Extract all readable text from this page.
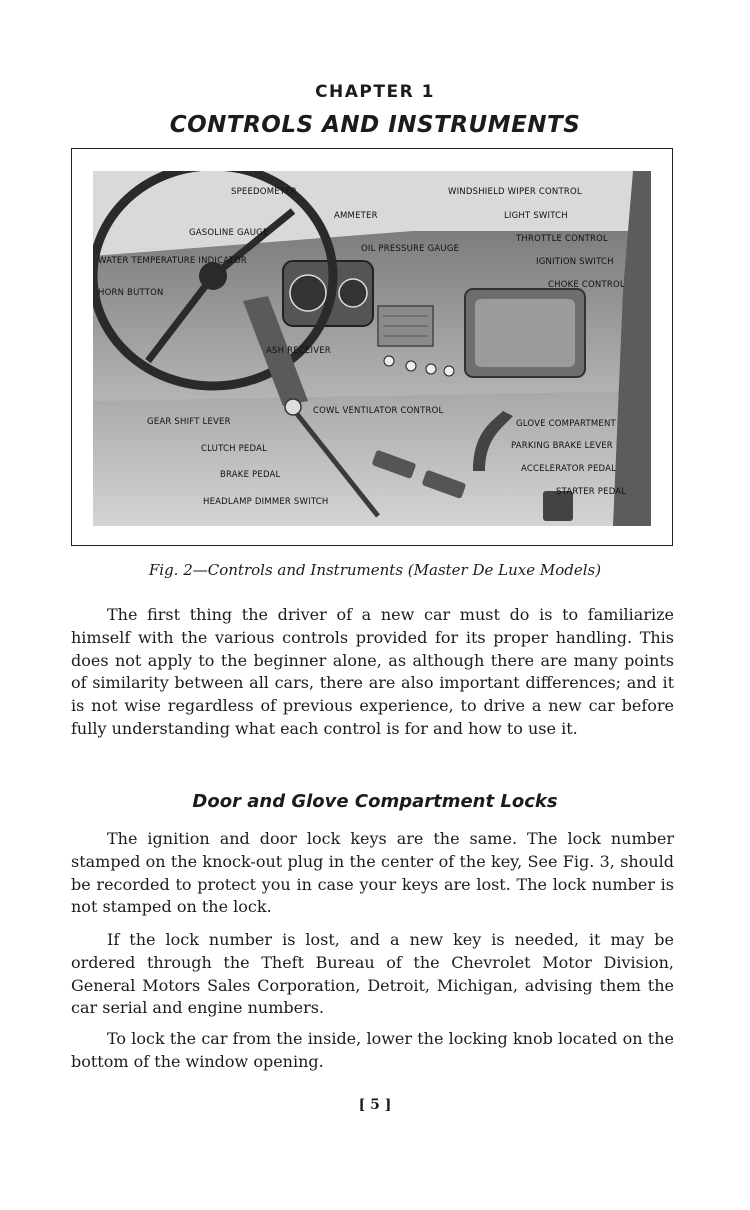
CHAPTER 1
CONTROLS AND INSTRUMENTS
SPEEDOMETER
AMMETER
GASOLINE GAUGE
WATER TEMPERATURE INDICATOR
HORN BUTTON
OIL PRESSURE GAUGE
WINDSHIELD WIPER CONTROL
LIGHT SWITCH
THROTTLE CONTROL
IGNITION SWITCH
CHOKE CONTROL
ASH RECEIVER
GEAR SHIFT LEVER
COWL VENTILATOR CONTROL
GLOVE COMPARTMENT
PARKING BRAKE LEVER
ACCELERATOR PEDAL
STARTER PEDAL
CLUTCH PEDAL
BRAKE PEDAL
HEADLAMP DIMMER SWITCH
Fig. 2—Controls and Instruments (Master De Luxe Models)

The first thing the driver of a new car must do is to familiarize himself with the various controls provided for its proper handling. This does not apply to the beginner alone, as although there are many points of similarity between all cars, there are also important differences; and it is not wise regardless of previous experience, to drive a new car before fully understanding what each control is for and how to use it.

Door and Glove Compartment Locks

The ignition and door lock keys are the same. The lock number stamped on the knock-out plug in the center of the key, See Fig. 3, should be recorded to protect you in case your keys are lost. The lock number is not stamped on the lock.

If the lock number is lost, and a new key is needed, it may be ordered through the Theft Bureau of the Chevrolet Motor Division, General Motors Sales Corporation, Detroit, Michigan, advising them the car serial and engine numbers.

To lock the car from the inside, lower the locking knob located on the bottom of the window opening.

[ 5 ]
